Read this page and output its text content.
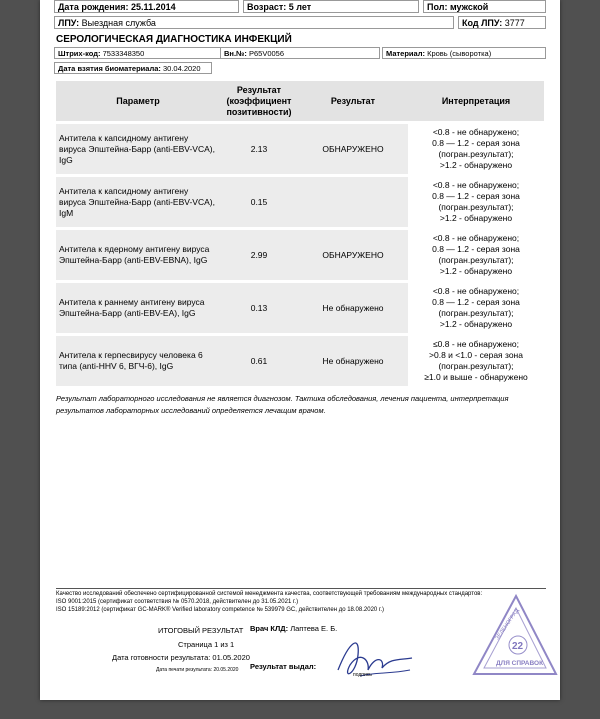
Дата рождения: 25.11.2014	Возраст: 5 лет	Пол: мужской
ЛПУ: Выездная служба	Код ЛПУ: 3777
СЕРОЛОГИЧЕСКАЯ ДИАГНОСТИКА ИНФЕКЦИЙ
Штрих-код: 7533348350	Вн.№: P65V0056	Материал: Кровь (сыворотка)
Дата взятия биоматериала: 30.04.2020
Параметр	Результат (коэффициент позитивности)	Результат	Интерпретация
Антитела к капсидному антигену вируса Эпштейна-Барр (anti-EBV-VCA), IgG	2.13	ОБНАРУЖЕНО	<0.8 - не обнаружено;
0.8 — 1.2 - серая зона
(погран.результат);
>1.2 - обнаружено

Антитела к капсидному антигену вируса Эпштейна-Барр (anti-EBV-VCA), IgM	0.15		<0.8 - не обнаружено;
0.8 — 1.2 - серая зона
(погран.результат);
>1.2 - обнаружено

Антитела к ядерному антигену вируса Эпштейна-Барр (anti-EBV-EBNA), IgG	2.99	ОБНАРУЖЕНО	<0.8 - не обнаружено;
0.8 — 1.2 - серая зона
(погран.результат);
>1.2 - обнаружено

Антитела к раннему антигену вируса Эпштейна-Барр (anti-EBV-EA), IgG	0.13	Не обнаружено	<0.8 - не обнаружено;
0.8 — 1.2 - серая зона
(погран.результат);
>1.2 - обнаружено

Антитела к герпесвирусу человека 6 типа (anti-HHV 6, ВГЧ-6), IgG	0.61	Не обнаружено	≤0.8 - не обнаружено;
>0.8 и <1.0 - серая зона
(погран.результат);
≥1.0 и выше - обнаружено
Результат лабораторного исследования не является диагнозом. Тактика обследования, лечения пациента, интерпретация результатов лабораторных исследований определяется лечащим врачом.
Качество исследований обеспечено сертифицированной системой менеджмента качества, соответствующей требованиям международных стандартов:
ISO 9001:2015 (сертификат соответствия № 0570.2018, действителен до 31.05.2021 г.)
ISO 15189:2012 (сертификат GC-MARK® Verified laboratory competence № 539979 GC, действителен до 18.08.2020 г.)
ИТОГОВЫЙ РЕЗУЛЬТАТ
Страница 1 из 1
Дата готовности результата: 01.05.2020
Дата печати результата: 20.05.2020
Врач КЛД: Лаптева Е. Б.
Результат выдал:
подпись
ЗЕЛЕНОГРАД
22
ДЛЯ СПРАВОК
